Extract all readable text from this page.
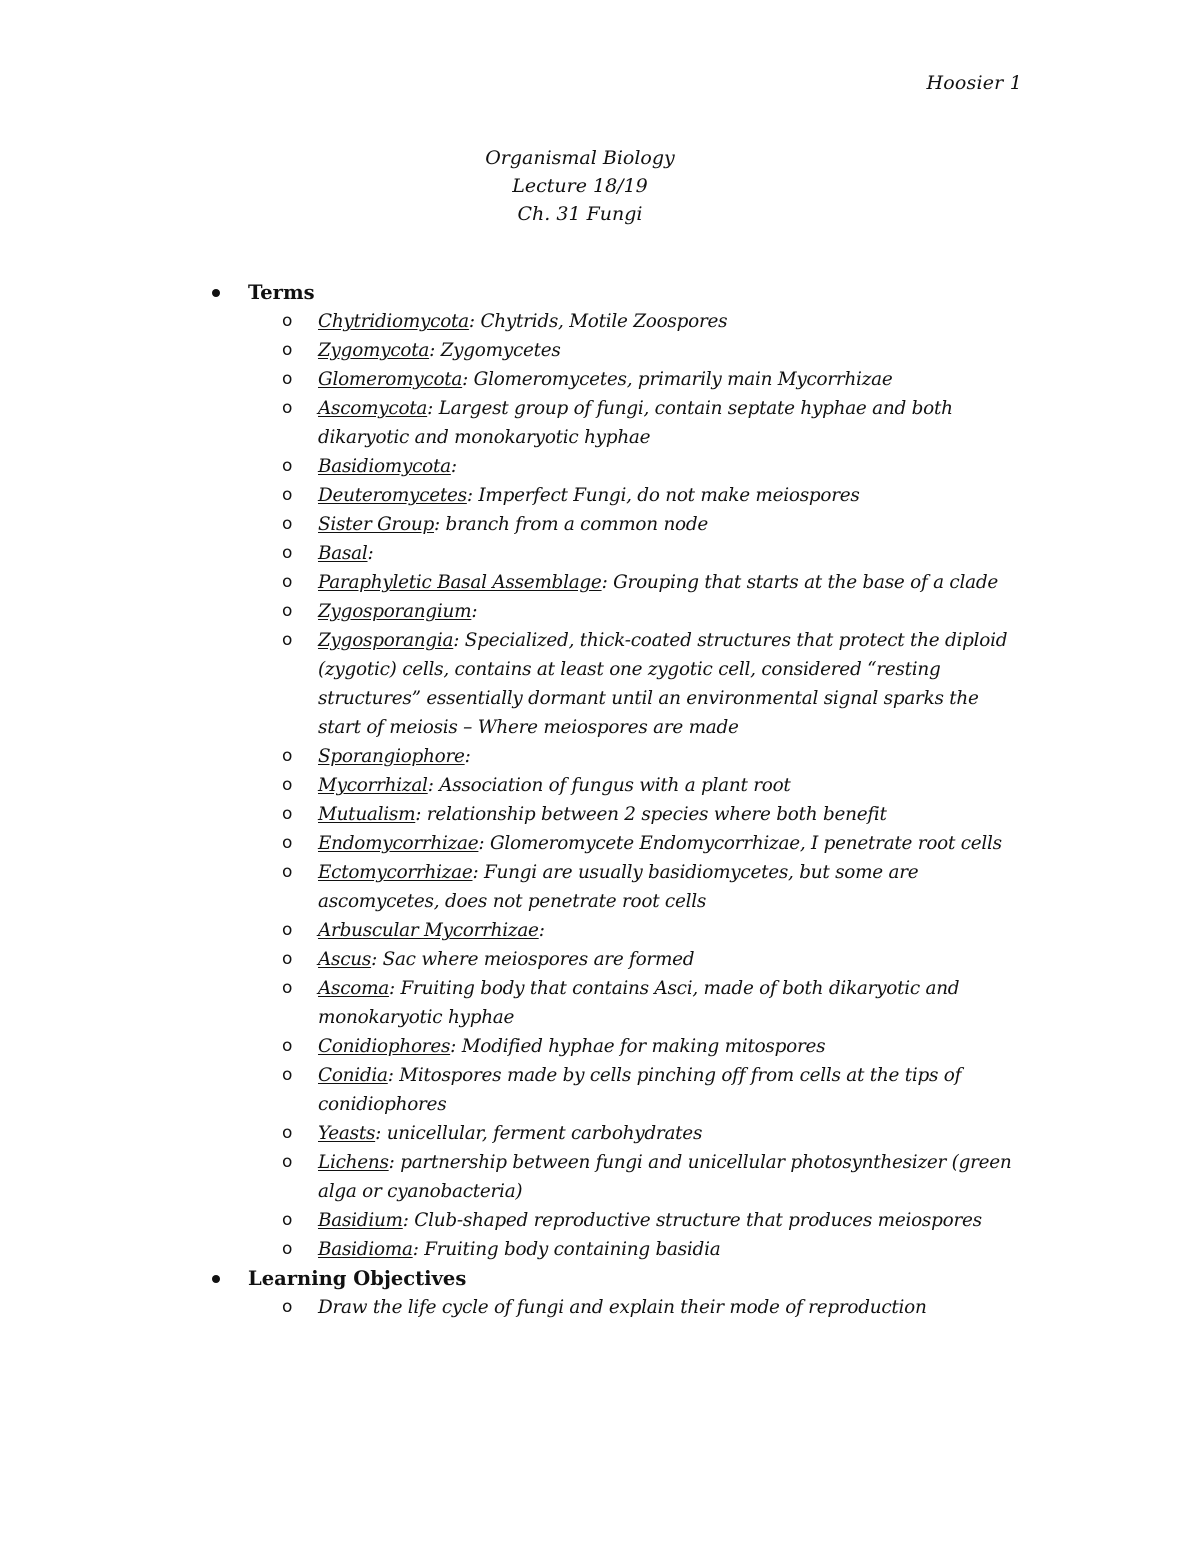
Hoosier 1
Organismal Biology
Lecture 18/19
Ch. 31 Fungi
Terms
o Chytridiomycota: Chytrids, Motile Zoospores
o Zygomycota: Zygomycetes
o Glomeromycota: Glomeromycetes, primarily main Mycorrhizae
o Ascomycota: Largest group of fungi, contain septate hyphae and both dikaryotic and monokaryotic hyphae
o Basidiomycota:
o Deuteromycetes: Imperfect Fungi, do not make meiospores
o Sister Group: branch from a common node
o Basal:
o Paraphyletic Basal Assemblage: Grouping that starts at the base of a clade
o Zygosporangium:
o Zygosporangia: Specialized, thick-coated structures that protect the diploid (zygotic) cells, contains at least one zygotic cell, considered “resting structures” essentially dormant until an environmental signal sparks the start of meiosis – Where meiospores are made
o Sporangiophore:
o Mycorrhizal: Association of fungus with a plant root
o Mutualism: relationship between 2 species where both benefit
o Endomycorrhizae: Glomeromycete Endomycorrhizae, I penetrate root cells
o Ectomycorrhizae: Fungi are usually basidiomycetes, but some are ascomycetes, does not penetrate root cells
o Arbuscular Mycorrhizae:
o Ascus: Sac where meiospores are formed
o Ascoma: Fruiting body that contains Asci, made of both dikaryotic and monokaryotic hyphae
o Conidiophores: Modified hyphae for making mitospores
o Conidia: Mitospores made by cells pinching off from cells at the tips of conidiophores
o Yeasts: unicellular, ferment carbohydrates
o Lichens: partnership between fungi and unicellular photosynthesizer (green alga or cyanobacteria)
o Basidium: Club-shaped reproductive structure that produces meiospores
o Basidioma: Fruiting body containing basidia
Learning Objectives
o Draw the life cycle of fungi and explain their mode of reproduction
